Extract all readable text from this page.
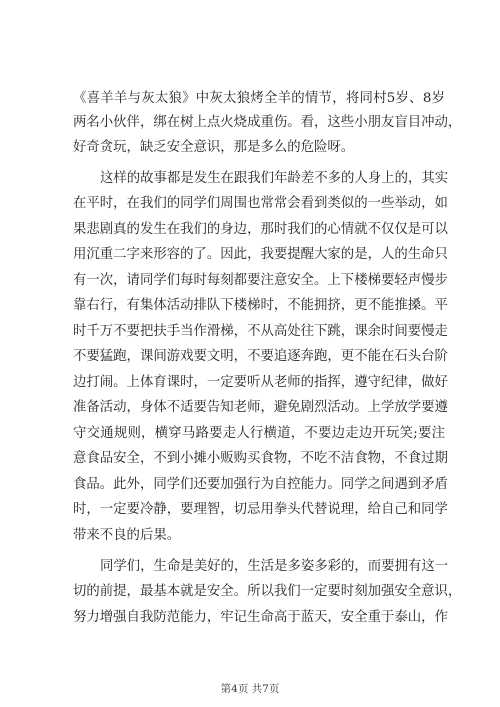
《喜羊羊与灰太狼》中灰太狼烤全羊的情节，将同村5岁、8岁
两名小伙伴，绑在树上点火烧成重伤。看，这些小朋友盲目冲动，
好奇贪玩，缺乏安全意识，那是多么的危险呀。
这样的故事都是发生在跟我们年龄差不多的人身上的，其实
在平时，在我们的同学们周围也常常会看到类似的一些举动，如
果悲剧真的发生在我们的身边，那时我们的心情就不仅仅是可以
用沉重二字来形容的了。因此，我要提醒大家的是，人的生命只
有一次，请同学们每时每刻都要注意安全。上下楼梯要轻声慢步
靠右行，有集体活动排队下楼梯时，不能拥挤，更不能推搡。平
时千万不要把扶手当作滑梯，不从高处往下跳，课余时间要慢走
不要猛跑，课间游戏要文明，不要追逐奔跑，更不能在石头台阶
边打闹。上体育课时，一定要听从老师的指挥，遵守纪律，做好
准备活动，身体不适要告知老师，避免剧烈活动。上学放学要遵
守交通规则，横穿马路要走人行横道，不要边走边开玩笑;要注
意食品安全，不到小摊小贩购买食物，不吃不洁食物，不食过期
食品。此外，同学们还要加强行为自控能力。同学之间遇到矛盾
时，一定要冷静，要理智，切忌用拳头代替说理，给自己和同学
带来不良的后果。
同学们，生命是美好的，生活是多姿多彩的，而要拥有这一
切的前提，最基本就是安全。所以我们一定要时刻加强安全意识，
努力增强自我防范能力，牢记生命高于蓝天，安全重于泰山，作
第4页 共7页
